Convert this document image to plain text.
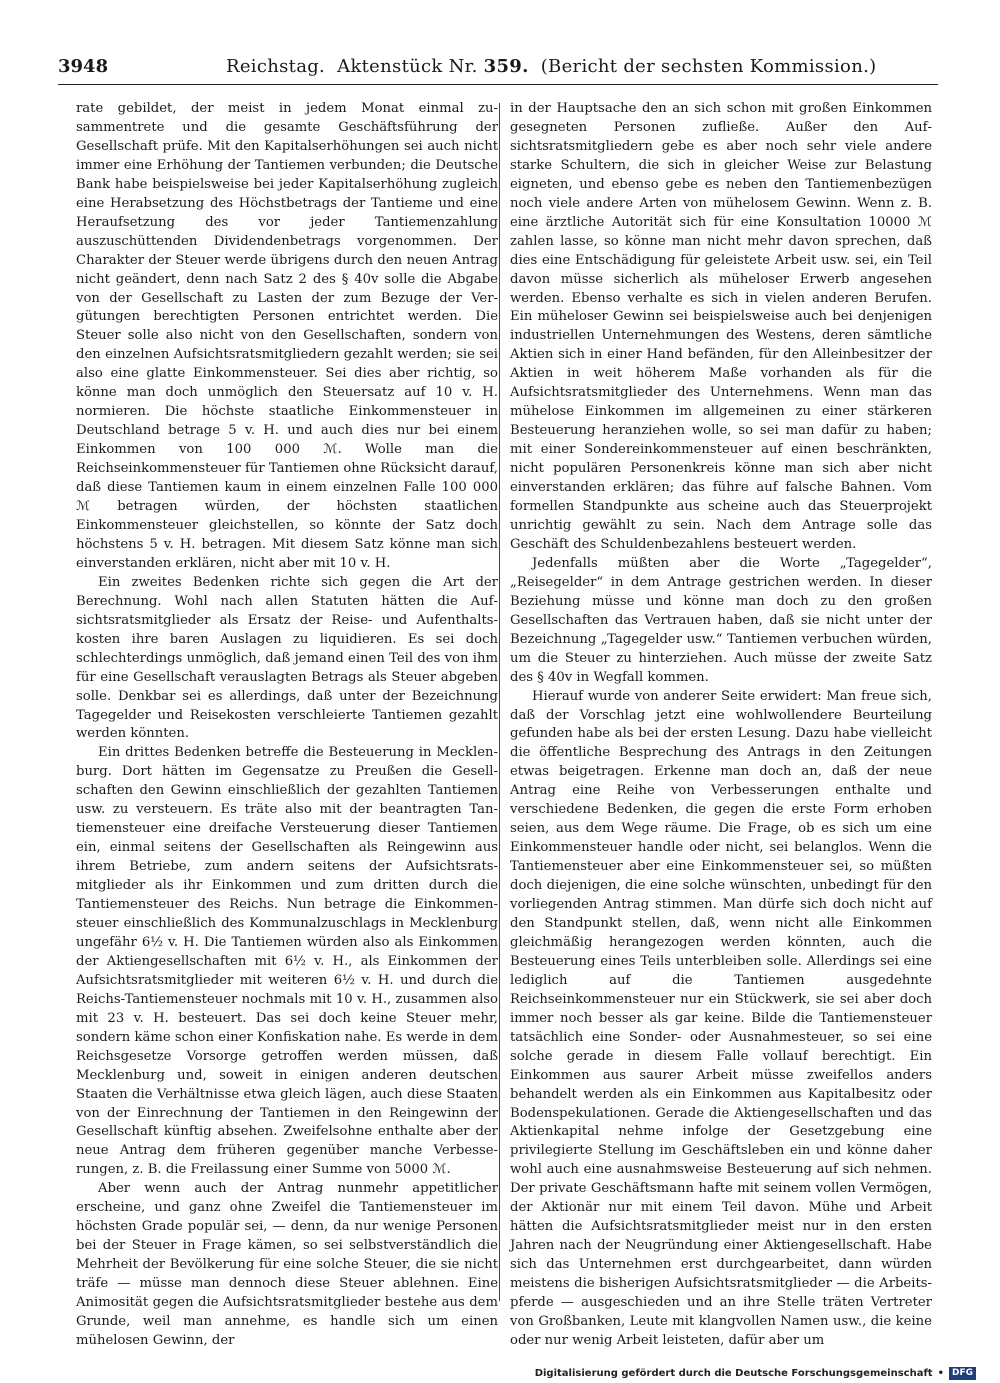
3948	Reichstag. Aktenstück Nr. 359. (Bericht der sechsten Kommission.)

rate gebildet, der meist in jedem Monat einmal zusammentrete und die gesamte Geschäftsführung der Gesellschaft prüfe. Mit den Kapitalserhöhungen sei auch nicht immer eine Erhöhung der Tantiemen verbunden; die Deutsche Bank habe beispielsweise bei jeder Kapitalserhöhung zugleich eine Herabsetzung des Höchstbetrags der Tantieme und eine Heraufsetzung des vor jeder Tantiemenzahlung auszuschüttenden Dividendenbetrags vorgenommen. Der Charakter der Steuer werde übrigens durch den neuen Antrag nicht geändert, denn nach Satz 2 des § 40v solle die Abgabe von der Gesellschaft zu Lasten der zum Bezuge der Vergütungen berechtigten Personen entrichtet werden. Die Steuer solle also nicht von den Gesellschaften, sondern von den einzelnen Aufsichtsratsmitgliedern gezahlt werden; sie sei also eine glatte Einkommensteuer. Sei dies aber richtig, so könne man doch unmöglich den Steuersatz auf 10 v. H. normieren. Die höchste staatliche Einkommensteuer in Deutschland betrage 5 v. H. und auch dies nur bei einem Einkommen von 100 000 ℳ. Wolle man die Reichseinkommensteuer für Tantiemen ohne Rücksicht darauf, daß diese Tantiemen kaum in einem einzelnen Falle 100 000 ℳ betragen würden, der höchsten staatlichen Einkommensteuer gleichstellen, so könnte der Satz doch höchstens 5 v. H. betragen. Mit diesem Satz könne man sich einverstanden erklären, nicht aber mit 10 v. H.

Ein zweites Bedenken richte sich gegen die Art der Berechnung. Wohl nach allen Statuten hätten die Aufsichtsratsmitglieder als Ersatz der Reise- und Aufenthaltskosten ihre baren Auslagen zu liquidieren. Es sei doch schlechterdings unmöglich, daß jemand einen Teil des von ihm für eine Gesellschaft verauslagten Betrags als Steuer abgeben solle. Denkbar sei es allerdings, daß unter der Bezeichnung Tagegelder und Reisekosten verschleierte Tantiemen gezahlt werden könnten.

Ein drittes Bedenken betreffe die Besteuerung in Mecklenburg. Dort hätten im Gegensatze zu Preußen die Gesellschaften den Gewinn einschließlich der gezahlten Tantiemen usw. zu versteuern. Es träte also mit der beantragten Tantiemensteuer eine dreifache Versteuerung dieser Tantiemen ein, einmal seitens der Gesellschaften als Reingewinn aus ihrem Betriebe, zum andern seitens der Aufsichtsratsmitglieder als ihr Einkommen und zum dritten durch die Tantiemensteuer des Reichs. Nun betrage die Einkommensteuer einschließlich des Kommunalzuschlags in Mecklenburg ungefähr 6½ v. H. Die Tantiemen würden also als Einkommen der Aktiengesellschaften mit 6½ v. H., als Einkommen der Aufsichtsratsmitglieder mit weiteren 6½ v. H. und durch die Reichs-Tantiemensteuer nochmals mit 10 v. H., zusammen also mit 23 v. H. besteuert. Das sei doch keine Steuer mehr, sondern käme schon einer Konfiskation nahe. Es werde in dem Reichsgesetze Vorsorge getroffen werden müssen, daß Mecklenburg und, soweit in einigen anderen deutschen Staaten die Verhältnisse etwa gleich lägen, auch diese Staaten von der Einrechnung der Tantiemen in den Reingewinn der Gesellschaft künftig absehen. Zweifelsohne enthalte aber der neue Antrag dem früheren gegenüber manche Verbesserungen, z. B. die Freilassung einer Summe von 5000 ℳ.

Aber wenn auch der Antrag nunmehr appetitlicher erscheine, und ganz ohne Zweifel die Tantiemensteuer im höchsten Grade populär sei, — denn, da nur wenige Personen bei der Steuer in Frage kämen, so sei selbstverständlich die Mehrheit der Bevölkerung für eine solche Steuer, die sie nicht träfe — müsse man dennoch diese Steuer ablehnen. Eine Animosität gegen die Aufsichtsratsmitglieder bestehe aus dem Grunde, weil man annehme, es handle sich um einen mühelosen Gewinn, der

in der Hauptsache den an sich schon mit großen Einkommen gesegneten Personen zufließe. Außer den Aufsichtsratsmitgliedern gebe es aber noch sehr viele andere starke Schultern, die sich in gleicher Weise zur Belastung eigneten, und ebenso gebe es neben den Tantiemenbezügen noch viele andere Arten von mühelosem Gewinn. Wenn z. B. eine ärztliche Autorität sich für eine Konsultation 10000 ℳ zahlen lasse, so könne man nicht mehr davon sprechen, daß dies eine Entschädigung für geleistete Arbeit usw. sei, ein Teil davon müsse sicherlich als müheloser Erwerb angesehen werden. Ebenso verhalte es sich in vielen anderen Berufen. Ein müheloser Gewinn sei beispielsweise auch bei denjenigen industriellen Unternehmungen des Westens, deren sämtliche Aktien sich in einer Hand befänden, für den Alleinbesitzer der Aktien in weit höherem Maße vorhanden als für die Aufsichtsratsmitglieder des Unternehmens. Wenn man das mühelose Einkommen im allgemeinen zu einer stärkeren Besteuerung heranziehen wolle, so sei man dafür zu haben; mit einer Sondereinkommensteuer auf einen beschränkten, nicht populären Personenkreis könne man sich aber nicht einverstanden erklären; das führe auf falsche Bahnen. Vom formellen Standpunkte aus scheine auch das Steuerprojekt unrichtig gewählt zu sein. Nach dem Antrage solle das Geschäft des Schuldenbezahlens besteuert werden.

Jedenfalls müßten aber die Worte „Tagegelder“, „Reisegelder“ in dem Antrage gestrichen werden. In dieser Beziehung müsse und könne man doch zu den großen Gesellschaften das Vertrauen haben, daß sie nicht unter der Bezeichnung „Tagegelder usw.“ Tantiemen verbuchen würden, um die Steuer zu hinterziehen. Auch müsse der zweite Satz des § 40v in Wegfall kommen.

Hierauf wurde von anderer Seite erwidert: Man freue sich, daß der Vorschlag jetzt eine wohlwollendere Beurteilung gefunden habe als bei der ersten Lesung. Dazu habe vielleicht die öffentliche Besprechung des Antrags in den Zeitungen etwas beigetragen. Erkenne man doch an, daß der neue Antrag eine Reihe von Verbesserungen enthalte und verschiedene Bedenken, die gegen die erste Form erhoben seien, aus dem Wege räume. Die Frage, ob es sich um eine Einkommensteuer handle oder nicht, sei belanglos. Wenn die Tantiemensteuer aber eine Einkommensteuer sei, so müßten doch diejenigen, die eine solche wünschten, unbedingt für den vorliegenden Antrag stimmen. Man dürfe sich doch nicht auf den Standpunkt stellen, daß, wenn nicht alle Einkommen gleichmäßig herangezogen werden könnten, auch die Besteuerung eines Teils unterbleiben solle. Allerdings sei eine lediglich auf die Tantiemen ausgedehnte Reichseinkommensteuer nur ein Stückwerk, sie sei aber doch immer noch besser als gar keine. Bilde die Tantiemensteuer tatsächlich eine Sonder- oder Ausnahmesteuer, so sei eine solche gerade in diesem Falle vollauf berechtigt. Ein Einkommen aus saurer Arbeit müsse zweifellos anders behandelt werden als ein Einkommen aus Kapitalbesitz oder Bodenspekulationen. Gerade die Aktiengesellschaften und das Aktienkapital nehme infolge der Gesetzgebung eine privilegierte Stellung im Geschäftsleben ein und könne daher wohl auch eine ausnahmsweise Besteuerung auf sich nehmen. Der private Geschäftsmann hafte mit seinem vollen Vermögen, der Aktionär nur mit einem Teil davon. Mühe und Arbeit hätten die Aufsichtsratsmitglieder meist nur in den ersten Jahren nach der Neugründung einer Aktiengesellschaft. Habe sich das Unternehmen erst durchgearbeitet, dann würden meistens die bisherigen Aufsichtsratsmitglieder — die Arbeitspferde — ausgeschieden und an ihre Stelle träten Vertreter von Großbanken, Leute mit klangvollen Namen usw., die keine oder nur wenig Arbeit leisteten, dafür aber um

Digitalisierung gefördert durch die Deutsche Forschungsgemeinschaft • DFG
